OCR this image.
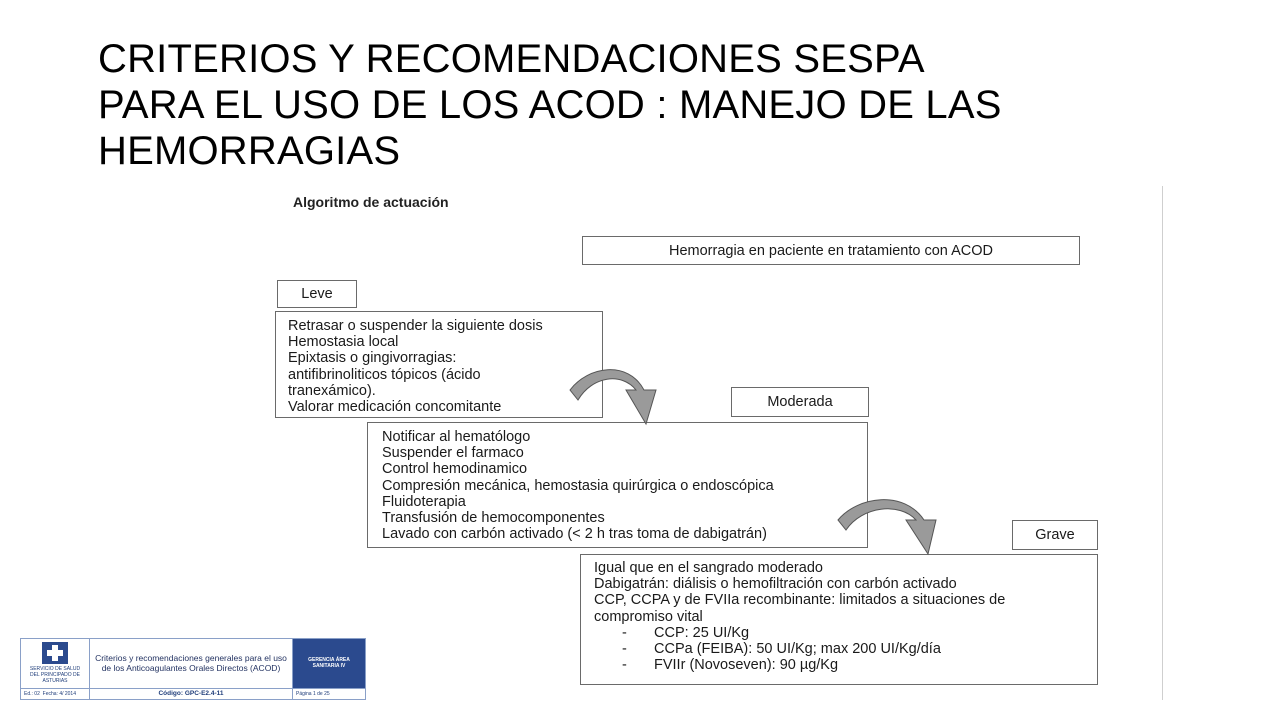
CRITERIOS Y RECOMENDACIONES SESPA
PARA EL USO DE LOS ACOD : MANEJO DE LAS
HEMORRAGIAS
Algoritmo de actuación
Hemorragia en paciente en tratamiento con ACOD
Leve
Retrasar o suspender la siguiente dosis
Hemostasia local
Epixtasis o gingivorragias:
antifibrinoliticos tópicos (ácido
tranexámico).
Valorar medicación concomitante	Moderada
Notificar al hematólogo
Suspender el farmaco
Control hemodinamico
Compresión mecánica, hemostasia quirúrgica o endoscópica
Fluidoterapia
Transfusión de hemocomponentes
Lavado con carbón activado (< 2 h tras toma de dabigatrán)	Grave
Igual que en el sangrado moderado
Dabigatrán: diálisis o hemofiltración con carbón activado
CCP, CCPA y de FVIIa recombinante: limitados a situaciones de
compromiso vital
- CCP: 25 UI/Kg
- CCPa (FEIBA): 50 UI/Kg; max 200 UI/Kg/día
- FVIIr (Novoseven): 90 µg/Kg
SERVICIO DE SALUD
DEL PRINCIPADO DE ASTURIAS	Criterios y recomendaciones generales para el uso de los Anticoagulantes Orales Directos (ACOD)	GERENCIA ÁREA SANITARIA IV
Ed.: 02 Fecha: 4/ 2014	Código: GPC-E2.4-11	Página 1 de 25
